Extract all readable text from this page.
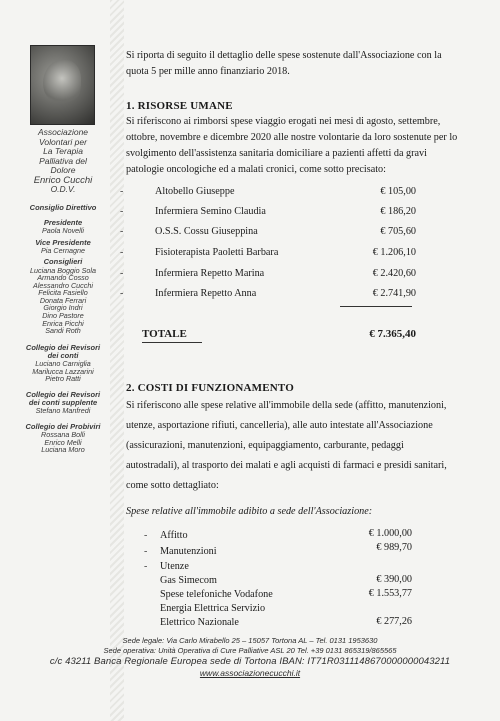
Associazione
Volontari per
La Terapia
Palliativa del
Dolore
Enrico Cucchi
O.D.V.
Consiglio Direttivo
Presidente
Paola Novelli
Vice Presidente
Pia Cernagne
Consiglieri
Luciana Boggio Sola
Armando Cosso
Alessandro Cucchi
Felicita Fasiello
Donata Ferrari
Giorgio Indri
Dino Pastore
Enrica Picchi
Sandi Roth
Collegio dei Revisori
dei conti
Luciano Carniglia
Marilucca Lazzarini
Pietro Ratti
Collegio dei Revisori
dei conti supplente
Stefano Manfredi
Collegio dei Probiviri
Rossana Bolli
Enrico Melli
Luciana Moro
Si riporta di seguito il dettaglio delle spese sostenute dall'Associazione con la quota 5 per mille anno finanziario 2018.
1. RISORSE UMANE
Si riferiscono ai rimborsi spese viaggio erogati nei mesi di agosto, settembre,
ottobre, novembre e dicembre 2020 alle nostre volontarie da loro sostenute per lo
svolgimento dell'assistenza sanitaria domiciliare a pazienti affetti da gravi
patologie oncologiche ed a malati cronici, come sotto precisato:
-	Altobello Giuseppe	€ 105,00
-	Infermiera Semino Claudia	€ 186,20
-	O.S.S. Cossu Giuseppina	€ 705,60
-	Fisioterapista Paoletti Barbara	€ 1.206,10
-	Infermiera Repetto Marina	€ 2.420,60
-	Infermiera Repetto Anna	€ 2.741,90
TOTALE	€ 7.365,40
2. COSTI DI FUNZIONAMENTO
Si riferiscono alle spese relative all'immobile della sede (affitto, manutenzioni,
utenze, asportazione rifiuti, cancelleria), alle auto intestate all'Associazione
(assicurazioni, manutenzioni, equipaggiamento, carburante, pedaggi
autostradali), al trasporto dei malati e agli acquisti di farmaci e presidi sanitari,
come sotto dettagliato:
Spese relative all'immobile adibito a sede dell'Associazione:
- Affitto	€ 1.000,00
- Manutenzioni	€ 989,70
- Utenze
Gas Simecom	€ 390,00
Spese telefoniche Vodafone	€ 1.553,77
Energia Elettrica Servizio
Elettrico Nazionale	€ 277,26
Sede legale: Via Carlo Mirabello 25 – 15057 Tortona AL – Tel. 0131 1953630
Sede operativa: Unità Operativa di Cure Palliative ASL 20 Tel. +39 0131 865319/865565
c/c 43211 Banca Regionale Europea sede di Tortona IBAN: IT71R0311148670000000043211
www.associazionecucchi.it
